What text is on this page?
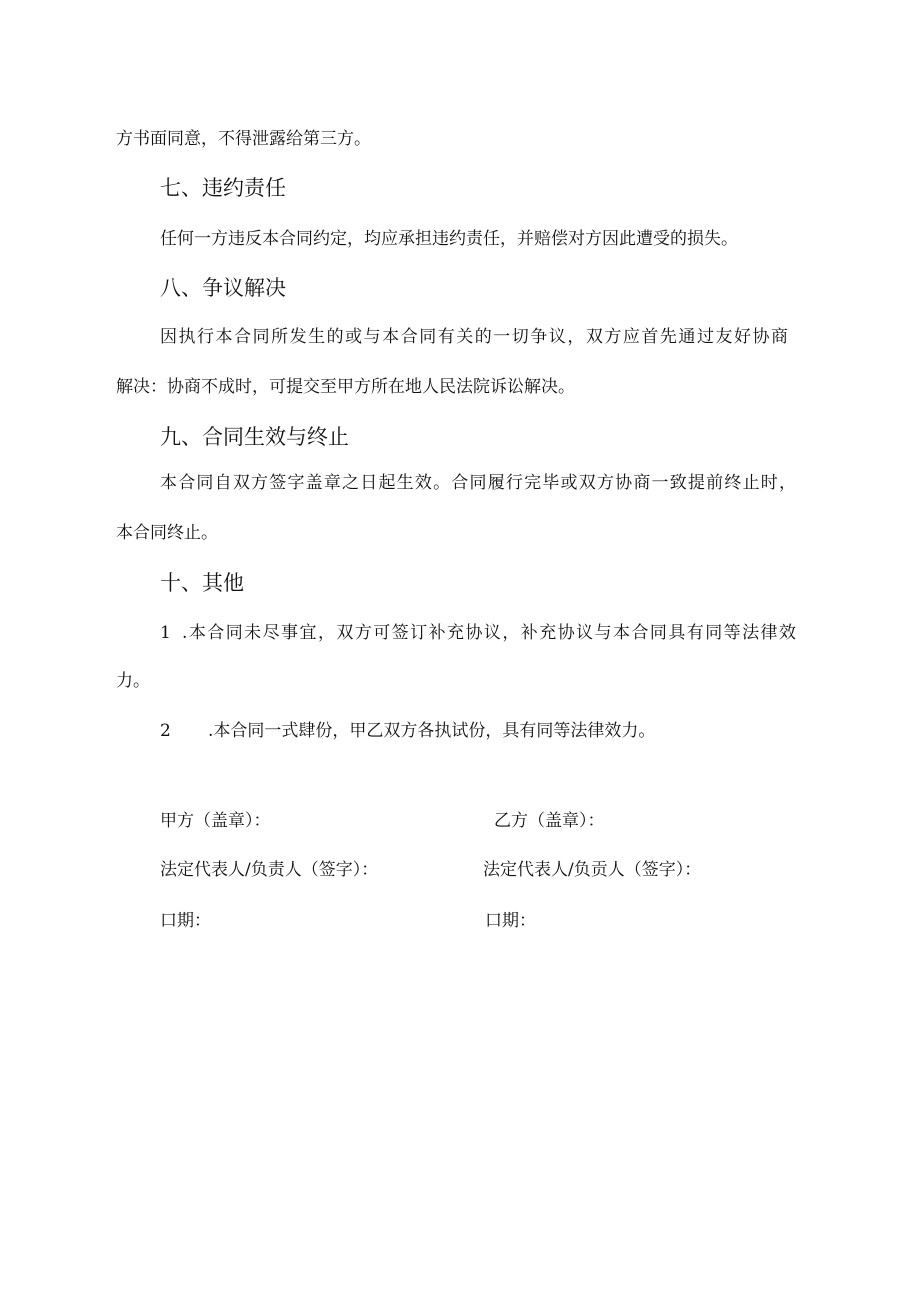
方书面同意，不得泄露给第三方。
七、违约责任
任何一方违反本合同约定，均应承担违约责任，并赔偿对方因此遭受的损失。
八、争议解决
因执行本合同所发生的或与本合同有关的一切争议，双方应首先通过友好协商
解决：协商不成时，可提交至甲方所在地人民法院诉讼解决。
九、合同生效与终止
本合同自双方签字盖章之日起生效。合同履行完毕或双方协商一致提前终止时，
本合同终止。
十、其他
1 .本合同未尽事宜，双方可签订补充协议，补充协议与本合同具有同等法律效
力。
2 .本合同一式肆份，甲乙双方各执试份，具有同等法律效力。
甲方（盖章）：
法定代表人/负责人（签字）：
口期：
乙方（盖章）：
法定代表人/负贡人（签字）：
口期：
